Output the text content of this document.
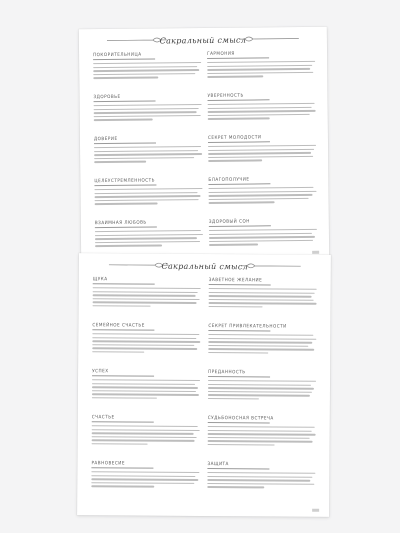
Сакральный смысл
ПОКОРИТЕЛЬНИЦА
ЗДОРОВЬЕ
ДОВЕРИЕ
ЦЕЛЕУСТРЕМЛЕННОСТЬ
ВЗАИМНАЯ ЛЮБОВЬ
ГАРМОНИЯ
УВЕРЕННОСТЬ
СЕКРЕТ МОЛОДОСТИ
БЛАГОПОЛУЧИЕ
ЗДОРОВЫЙ СОН
Сакральный смысл
ЩУКА
СЕМЕЙНОЕ СЧАСТЬЕ
УСПЕХ
СЧАСТЬЕ
РАВНОВЕСИЕ
ЗАВЕТНОЕ ЖЕЛАНИЕ
СЕКРЕТ ПРИВЛЕКАТЕЛЬНОСТИ
ПРЕДАННОСТЬ
СУДЬБОНОСНАЯ ВСТРЕЧА
ЗАЩИТА
